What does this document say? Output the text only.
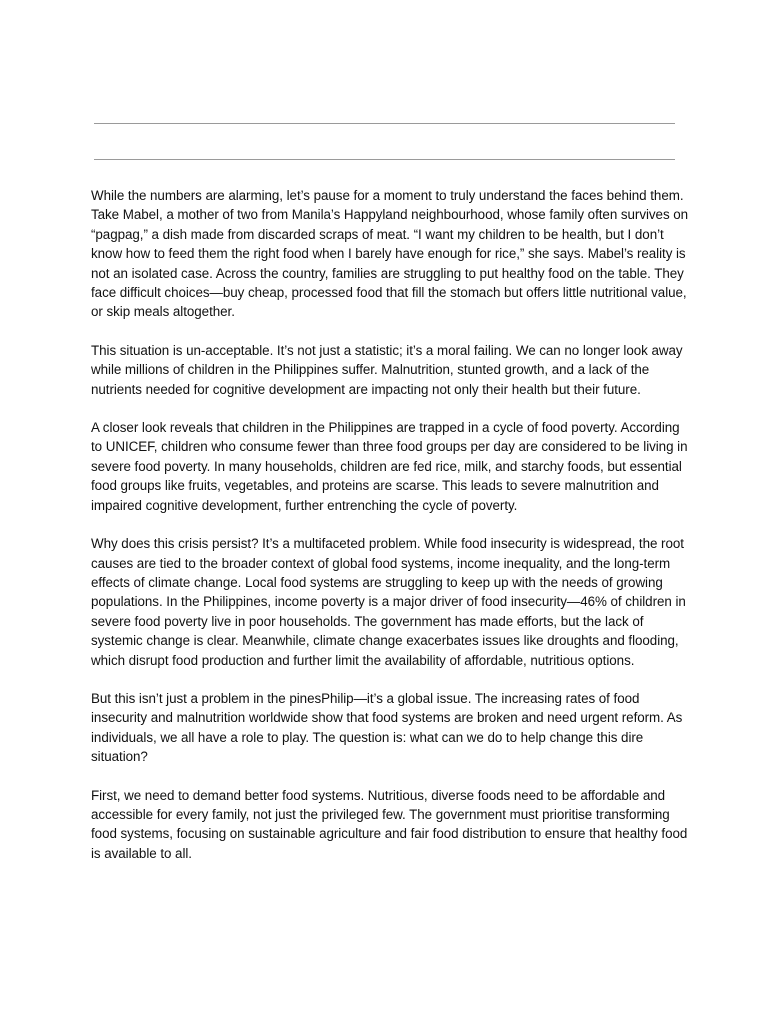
While the numbers are alarming, let’s pause for a moment to truly understand the faces behind them. Take Mabel, a mother of two from Manila’s Happyland neighbourhood, whose family often survives on “pagpag,” a dish made from discarded scraps of meat. “I want my children to be health, but I don’t know how to feed them the right food when I barely have enough for rice,” she says. Mabel’s reality is not an isolated case. Across the country, families are struggling to put healthy food on the table. They face difficult choices—buy cheap, processed food that fill the stomach but offers little nutritional value, or skip meals altogether.

This situation is un-acceptable. It’s not just a statistic; it’s a moral failing. We can no longer look away while millions of children in the Philippines suffer. Malnutrition, stunted growth, and a lack of the nutrients needed for cognitive development are impacting not only their health but their future.

A closer look reveals that children in the Philippines are trapped in a cycle of food poverty. According to UNICEF, children who consume fewer than three food groups per day are considered to be living in severe food poverty. In many households, children are fed rice, milk, and starchy foods, but essential food groups like fruits, vegetables, and proteins are scarse. This leads to severe malnutrition and impaired cognitive development, further entrenching the cycle of poverty.

Why does this crisis persist? It’s a multifaceted problem. While food insecurity is widespread, the root causes are tied to the broader context of global food systems, income inequality, and the long-term effects of climate change. Local food systems are struggling to keep up with the needs of growing populations. In the Philippines, income poverty is a major driver of food insecurity—46% of children in severe food poverty live in poor households. The government has made efforts, but the lack of systemic change is clear. Meanwhile, climate change exacerbates issues like droughts and flooding, which disrupt food production and further limit the availability of affordable, nutritious options.

But this isn’t just a problem in the pinesPhilip—it’s a global issue. The increasing rates of food insecurity and malnutrition worldwide show that food systems are broken and need urgent reform. As individuals, we all have a role to play. The question is: what can we do to help change this dire situation?

First, we need to demand better food systems. Nutritious, diverse foods need to be affordable and accessible for every family, not just the privileged few. The government must prioritise transforming food systems, focusing on sustainable agriculture and fair food distribution to ensure that healthy food is available to all.
